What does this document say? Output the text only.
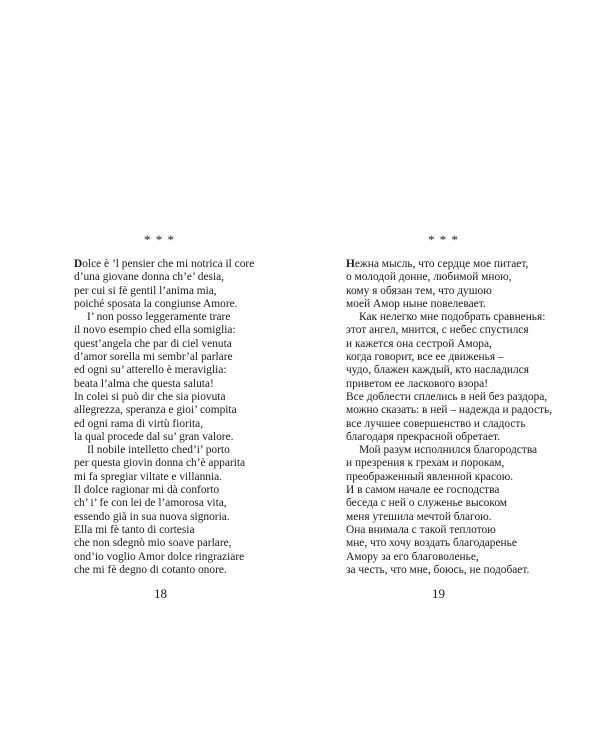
* * *
Dolce è ’l pensier che mi notrica il core
d’una giovane donna ch’e’ desia,
per cui si fè gentil l’anima mia,
poiché sposata la congiunse Amore.
I’ non posso leggeramente trare
il novo esempio ched ella somiglia:
quest’angela che par di ciel venuta
d’amor sorella mi sembr’al parlare
ed ogni su’ atterello è meraviglia:
beata l’alma che questa saluta!
In colei si può dir che sia piovuta
allegrezza, speranza e gioi’ compita
ed ogni rama di virtù fiorita,
la qual procede dal su’ gran valore.
Il nobile intelletto ched’i’ porto
per questa giovin donna ch’è apparita
mi fa spregiar viltate e villannia.
Il dolce ragionar mi dà conforto
ch’ i’ fe con lei de l’amorosa vita,
essendo già in sua nuova signoria.
Ella mi fè tanto di cortesia
che non sdegnò mio soave parlare,
ond’io voglio Amor dolce ringraziare
che mi fè degno di cotanto onore.
18
* * *
Нежна мысль, что сердце мое питает,
о молодой донне, любимой мною,
кому я обязан тем, что душою
моей Амор ныне повелевает.
Как нелегко мне подобрать сравненья:
этот ангел, мнится, с небес спустился
и кажется она сестрой Амора,
когда говорит, все ее движенья –
чудо, блажен каждый, кто насладился
приветом ее ласкового взора!
Все доблести сплелись в ней без раздора,
можно сказать: в ней – надежда и радость,
все лучшее совершенство и сладость
благодаря прекрасной обретает.
Мой разум исполнился благородства
и презрения к грехам и порокам,
преображенный явленной красою.
И в самом начале ее господства
беседа с ней о служенье высоком
меня утешила мечтой благою.
Она внимала с такой теплотою
мне, что хочу воздать благодаренье
Амору за его благоволенье,
за честь, что мне, боюсь, не подобает.
19
